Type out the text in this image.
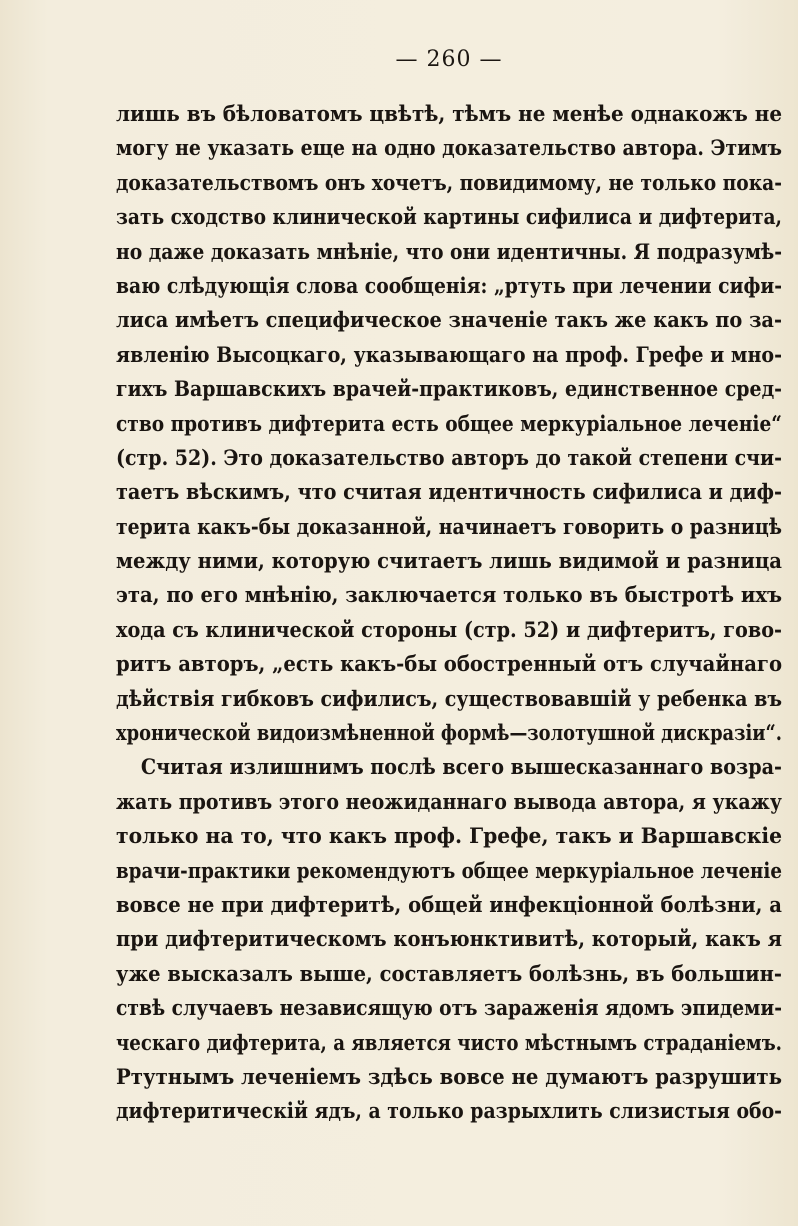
— 260 —
лишь въ бѣловатомъ цвѣтѣ, тѣмъ не менѣе однакожъ не
могу не указать еще на одно доказательство автора. Этимъ
доказательствомъ онъ хочетъ, повидимому, не только пока-
зать сходство клинической картины сифилиса и дифтерита,
но даже доказать мнѣніе, что они идентичны. Я подразумѣ-
ваю слѣдующія слова сообщенія: „ртуть при лечении сифи-
лиса имѣетъ специфическое значеніе такъ же какъ по за-
явленію Высоцкаго, указывающаго на проф. Грефе и мно-
гихъ Варшавскихъ врачей-практиковъ, единственное сред-
ство противъ дифтерита есть общее меркуріальное леченіе“
(стр. 52). Это доказательство авторъ до такой степени счи-
таетъ вѣскимъ, что считая идентичность сифилиса и диф-
терита какъ-бы доказанной, начинаетъ говорить о разницѣ
между ними, которую считаетъ лишь видимой и разница
эта, по его мнѣнію, заключается только въ быстротѣ ихъ
хода съ клинической стороны (стр. 52) и дифтеритъ, гово-
ритъ авторъ, „есть какъ-бы обостренный отъ случайнаго
дѣйствія гибковъ сифилисъ, существовавшій у ребенка въ
хронической видоизмѣненной формѣ—золотушной дискразіи“.
Считая излишнимъ послѣ всего вышесказаннаго возра-
жать противъ этого неожиданнаго вывода автора, я укажу
только на то, что какъ проф. Грефе, такъ и Варшавскіе
врачи-практики рекомендуютъ общее меркуріальное леченіе
вовсе не при дифтеритѣ, общей инфекціонной болѣзни, а
при дифтеритическомъ конъюнктивитѣ, который, какъ я
уже высказалъ выше, составляетъ болѣзнь, въ большин-
ствѣ случаевъ независящую отъ зараженія ядомъ эпидеми-
ческаго дифтерита, а является чисто мѣстнымъ страданіемъ.
Ртутнымъ леченіемъ здѣсь вовсе не думаютъ разрушить
дифтеритическій ядъ, а только разрыхлить слизистыя обо-
